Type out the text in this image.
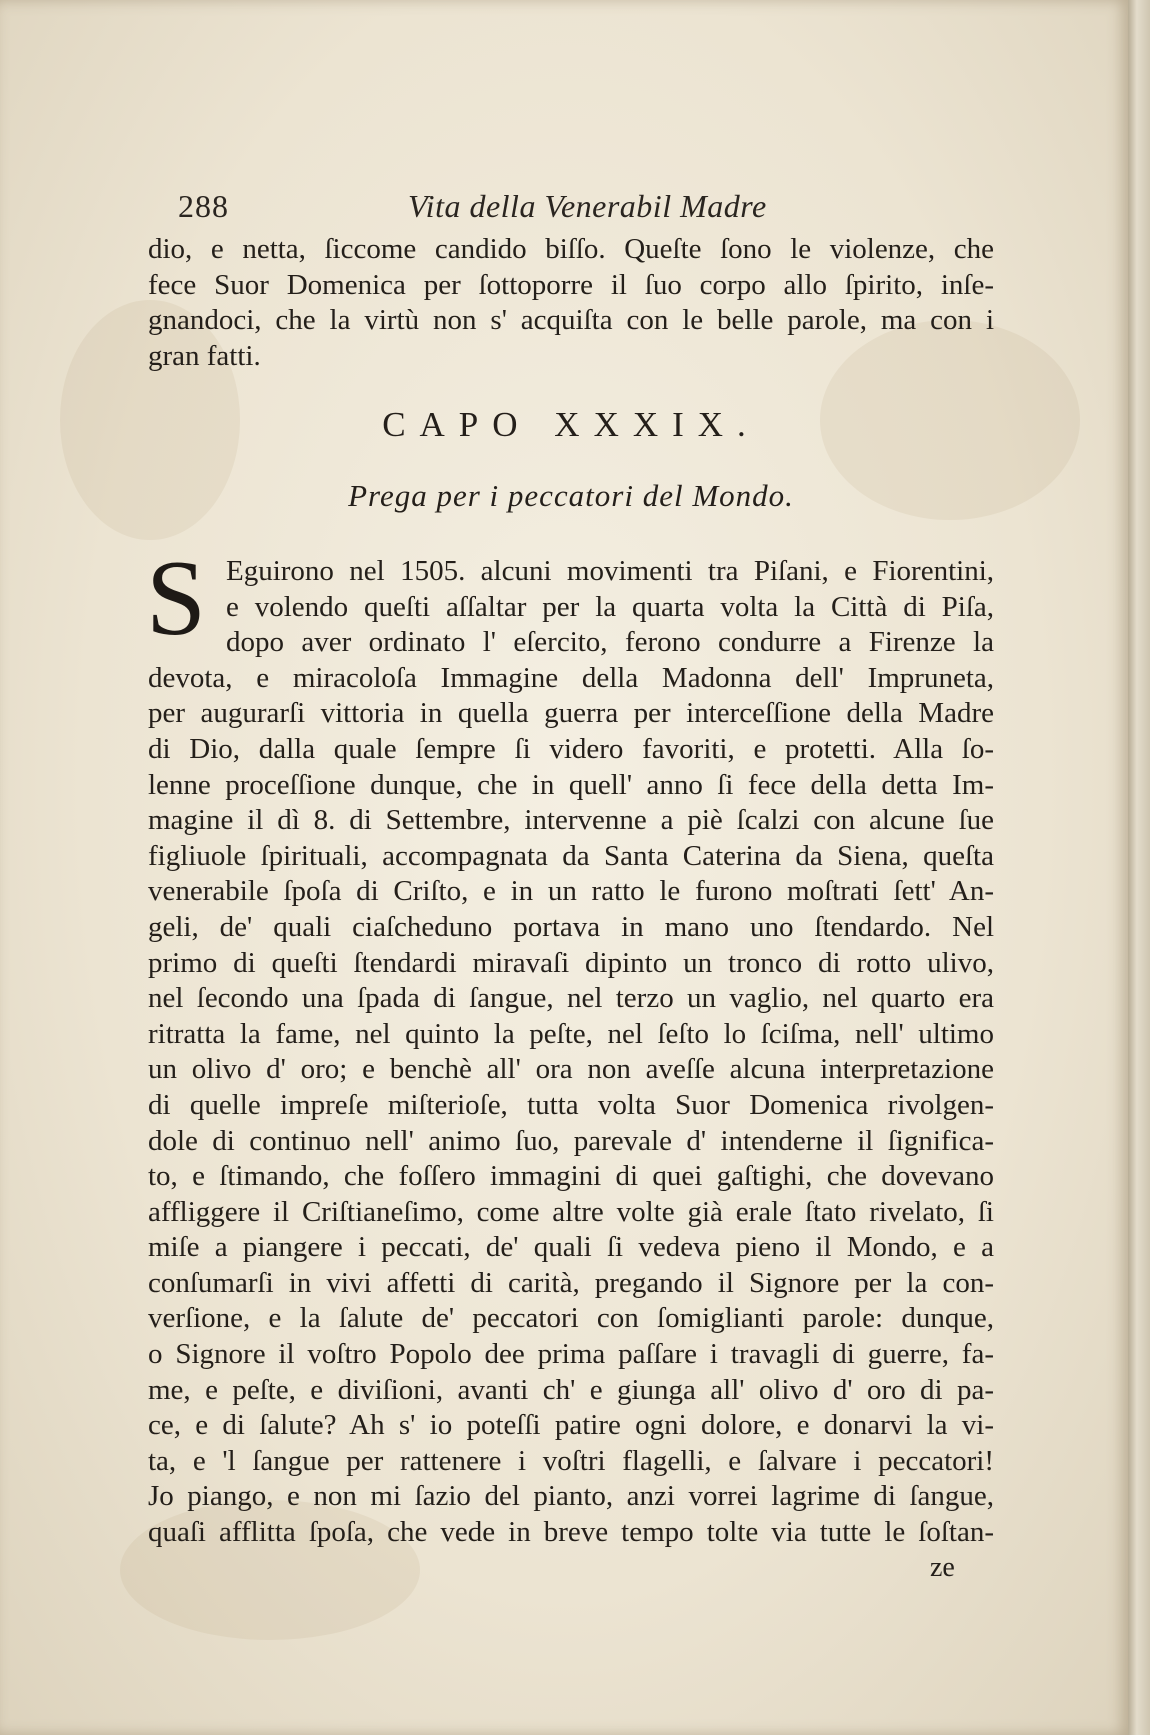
288	Vita della Venerabil Madre
dio, e netta, ſiccome candido biſſo. Queſte ſono le violenze, che
fece Suor Domenica per ſottoporre il ſuo corpo allo ſpirito, inſe-
gnandoci, che la virtù non s' acquiſta con le belle parole, ma con i
gran fatti.
CAPO XXXIX.
Prega per i peccatori del Mondo.
S Eguirono nel 1505. alcuni movimenti tra Piſani, e Fiorentini,
e volendo queſti aſſaltar per la quarta volta la Città di Piſa,
dopo aver ordinato l' eſercito, ferono condurre a Firenze la
devota, e miracoloſa Immagine della Madonna dell' Impruneta,
per augurarſi vittoria in quella guerra per interceſſione della Madre
di Dio, dalla quale ſempre ſi videro favoriti, e protetti. Alla ſo-
lenne proceſſione dunque, che in quell' anno ſi fece della detta Im-
magine il dì 8. di Settembre, intervenne a piè ſcalzi con alcune ſue
figliuole ſpirituali, accompagnata da Santa Caterina da Siena, queſta
venerabile ſpoſa di Criſto, e in un ratto le furono moſtrati ſett' An-
geli, de' quali ciaſcheduno portava in mano uno ſtendardo. Nel
primo di queſti ſtendardi miravaſi dipinto un tronco di rotto ulivo,
nel ſecondo una ſpada di ſangue, nel terzo un vaglio, nel quarto era
ritratta la fame, nel quinto la peſte, nel ſeſto lo ſciſma, nell' ultimo
un olivo d' oro; e benchè all' ora non aveſſe alcuna interpretazione
di quelle impreſe miſterioſe, tutta volta Suor Domenica rivolgen-
dole di continuo nell' animo ſuo, parevale d' intenderne il ſignifica-
to, e ſtimando, che foſſero immagini di quei gaſtighi, che dovevano
affliggere il Criſtianeſimo, come altre volte già erale ſtato rivelato, ſi
miſe a piangere i peccati, de' quali ſi vedeva pieno il Mondo, e a
conſumarſi in vivi affetti di carità, pregando il Signore per la con-
verſione, e la ſalute de' peccatori con ſomiglianti parole: dunque,
o Signore il voſtro Popolo dee prima paſſare i travagli di guerre, fa-
me, e peſte, e diviſioni, avanti ch' e giunga all' olivo d' oro di pa-
ce, e di ſalute? Ah s' io poteſſi patire ogni dolore, e donarvi la vi-
ta, e 'l ſangue per rattenere i voſtri flagelli, e ſalvare i peccatori!
Jo piango, e non mi ſazio del pianto, anzi vorrei lagrime di ſangue,
quaſi afflitta ſpoſa, che vede in breve tempo tolte via tutte le ſoſtan-
ze
